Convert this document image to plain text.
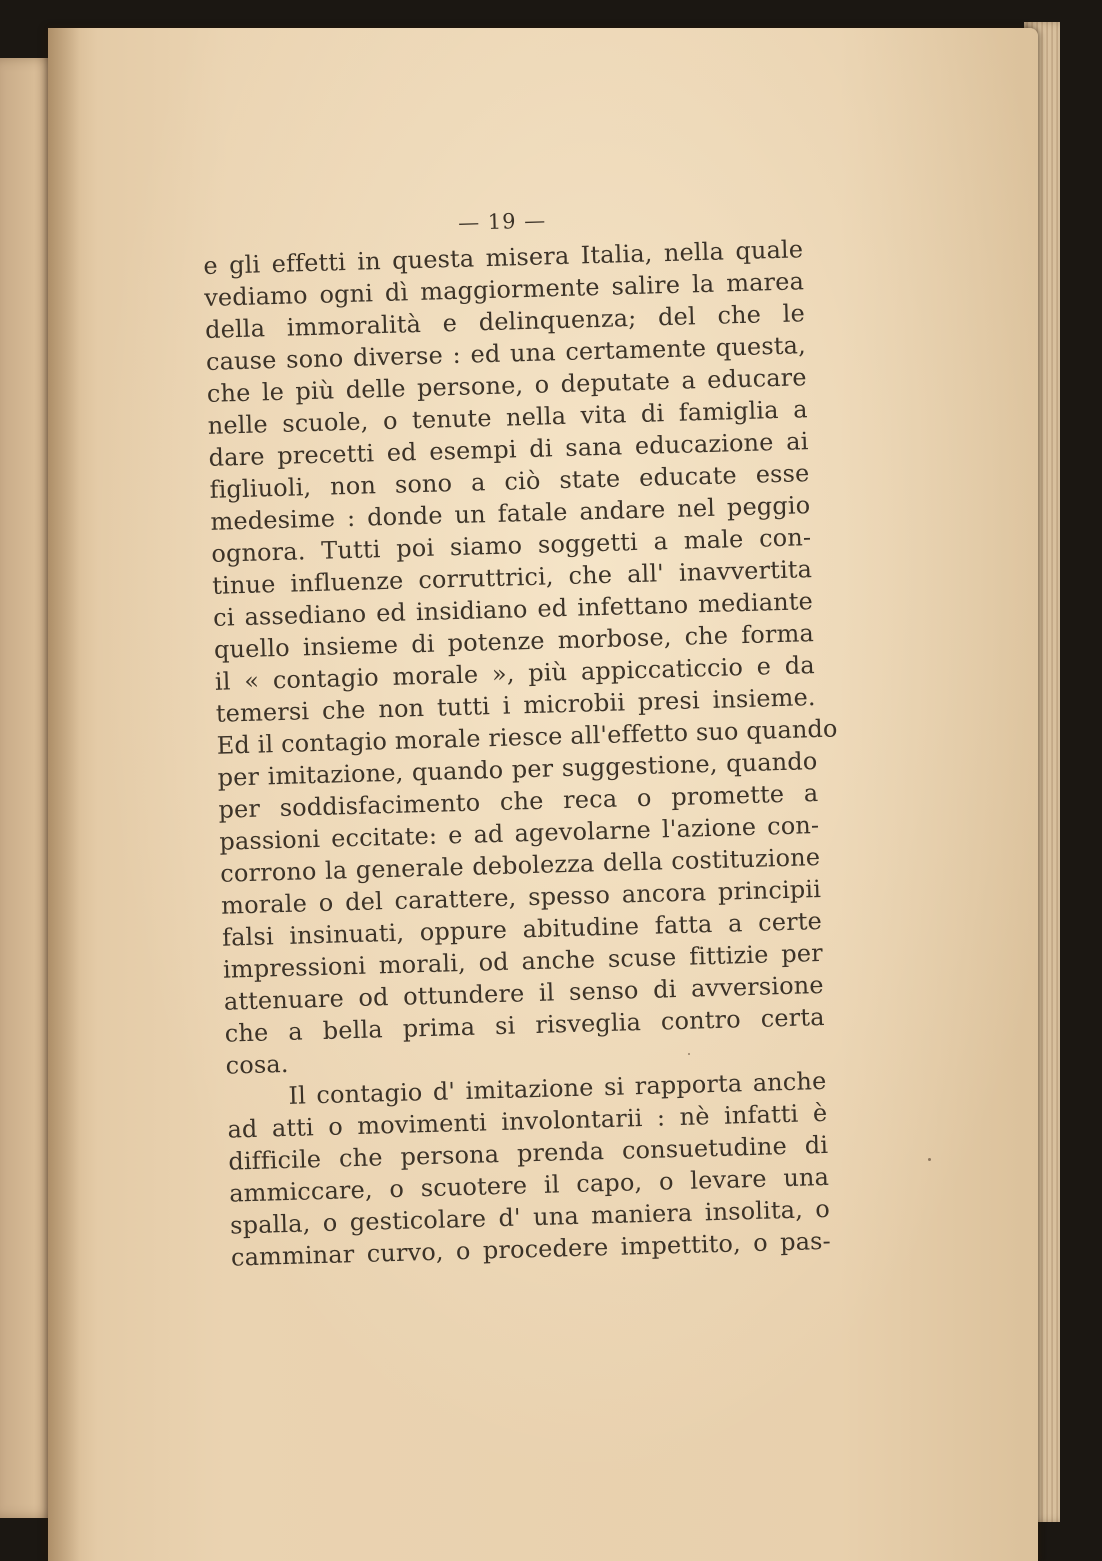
— 19 —
e gli effetti in questa misera Italia, nella quale
vediamo ogni dì maggiormente salire la marea
della immoralità e delinquenza; del che le
cause sono diverse : ed una certamente questa,
che le più delle persone, o deputate a educare
nelle scuole, o tenute nella vita di famiglia a
dare precetti ed esempi di sana educazione ai
figliuoli, non sono a ciò state educate esse
medesime : donde un fatale andare nel peggio
ognora. Tutti poi siamo soggetti a male con-
tinue influenze corruttrici, che all' inavvertita
ci assediano ed insidiano ed infettano mediante
quello insieme di potenze morbose, che forma
il « contagio morale », più appiccaticcio e da
temersi che non tutti i microbii presi insieme.
Ed il contagio morale riesce all'effetto suo quando
per imitazione, quando per suggestione, quando
per soddisfacimento che reca o promette a
passioni eccitate: e ad agevolarne l'azione con-
corrono la generale debolezza della costituzione
morale o del carattere, spesso ancora principii
falsi insinuati, oppure abitudine fatta a certe
impressioni morali, od anche scuse fittizie per
attenuare od ottundere il senso di avversione
che a bella prima si risveglia contro certa
cosa.
Il contagio d' imitazione si rapporta anche
ad atti o movimenti involontarii : nè infatti è
difficile che persona prenda consuetudine di
ammiccare, o scuotere il capo, o levare una
spalla, o gesticolare d' una maniera insolita, o
camminar curvo, o procedere impettito, o pas-
